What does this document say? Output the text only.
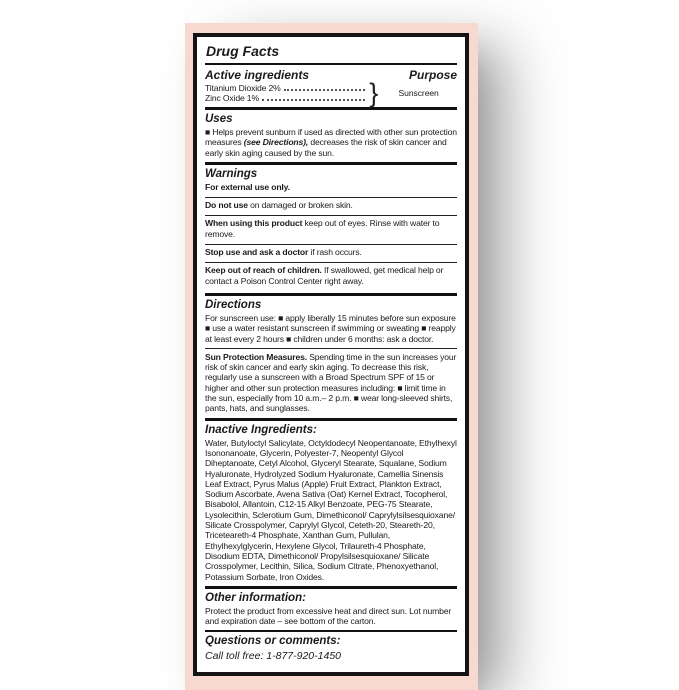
Drug Facts
Active ingredients	Purpose
Titanium Dioxide 2%
Zinc Oxide 1%	}	Sunscreen
Uses
■ Helps prevent sunburn if used as directed with other sun protection measures (see Directions), decreases the risk of skin cancer and early skin aging caused by the sun.
Warnings
For external use only.
Do not use on damaged or broken skin.
When using this product keep out of eyes. Rinse with water to remove.
Stop use and ask a doctor if rash occurs.
Keep out of reach of children. If swallowed, get medical help or contact a Poison Control Center right away.
Directions
For sunscreen use: ■ apply liberally 15 minutes before sun exposure ■ use a water resistant sunscreen if swimming or sweating ■ reapply at least every 2 hours ■ children under 6 months: ask a doctor.
Sun Protection Measures. Spending time in the sun increases your risk of skin cancer and early skin aging. To decrease this risk, regularly use a sunscreen with a Broad Spectrum SPF of 15 or higher and other sun protection measures including: ■ limit time in the sun, especially from 10 a.m.– 2 p.m. ■ wear long-sleeved shirts, pants, hats, and sunglasses.
Inactive Ingredients:
Water, Butyloctyl Salicylate, Octyldodecyl Neopentanoate, Ethylhexyl Isononanoate, Glycerin, Polyester-7, Neopentyl Glycol Diheptanoate, Cetyl Alcohol, Glyceryl Stearate, Squalane, Sodium Hyaluronate, Hydrolyzed Sodium Hyaluronate, Camellia Sinensis Leaf Extract, Pyrus Malus (Apple) Fruit Extract, Plankton Extract, Sodium Ascorbate, Avena Sativa (Oat) Kernel Extract, Tocopherol, Bisabolol, Allantoin, C12-15 Alkyl Benzoate, PEG-75 Stearate, Lysolecithin, Sclerotium Gum, Dimethiconol/ Caprylylsilsesquioxane/ Silicate Crosspolymer, Caprylyl Glycol, Ceteth-20, Steareth-20, Triceteareth-4 Phosphate, Xanthan Gum, Pullulan, Ethylhexylglycerin, Hexylene Glycol, Trilaureth-4 Phosphate, Disodium EDTA, Dimethiconol/ Propylsilsesquioxane/ Silicate Crosspolymer, Lecithin, Silica, Sodium Citrate, Phenoxyethanol, Potassium Sorbate, Iron Oxides.
Other information:
Protect the product from excessive heat and direct sun. Lot number and expiration date – see bottom of the carton.
Questions or comments:
Call toll free: 1-877-920-1450
